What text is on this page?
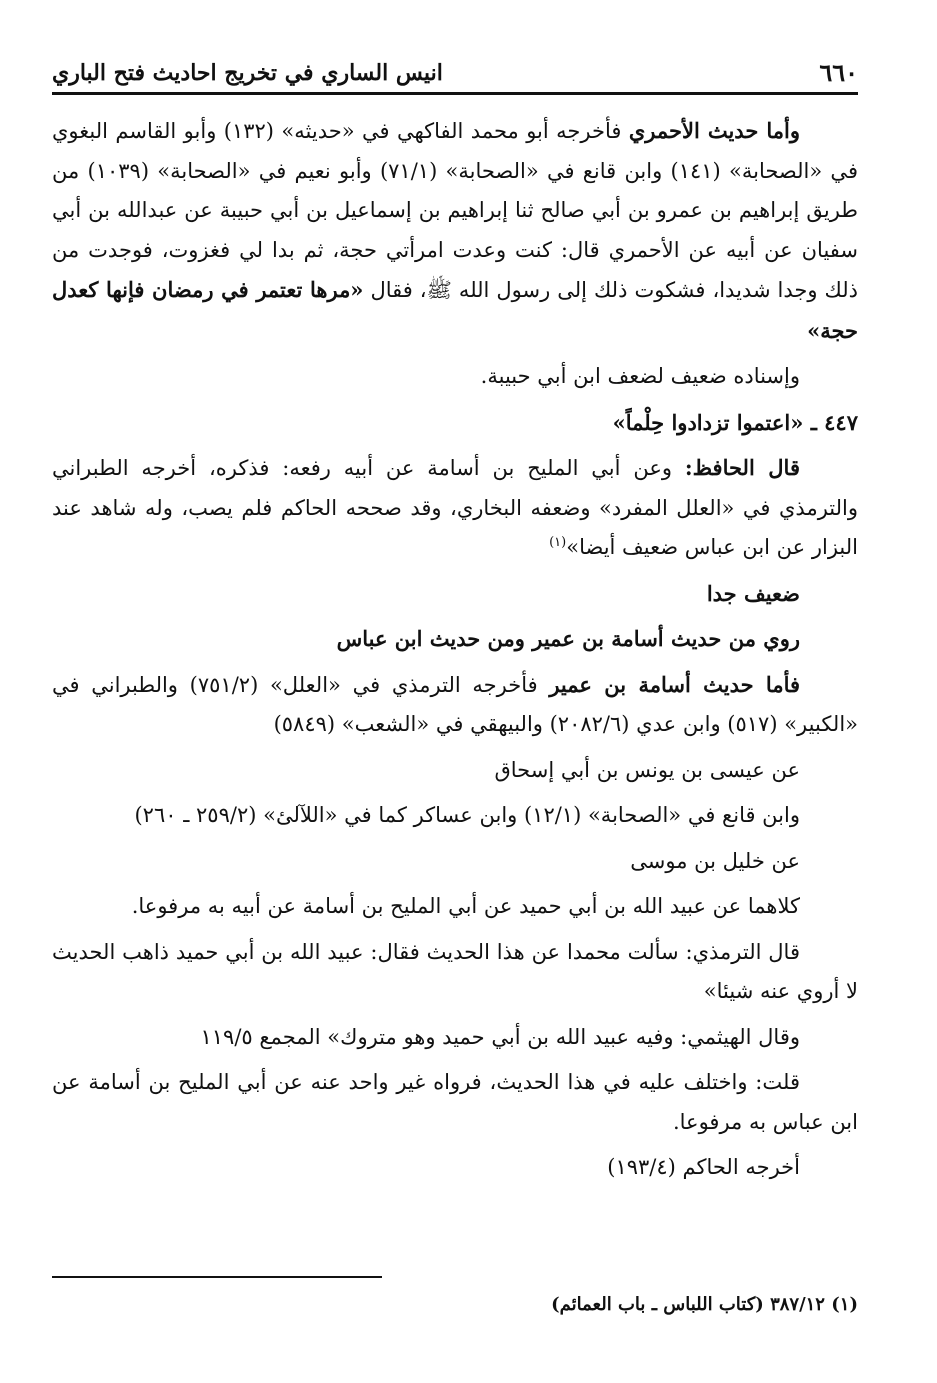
٦٦٠
انيس الساري في تخريج احاديث فتح الباري

وأما حديث الأحمري فأخرجه أبو محمد الفاكهي في «حديثه» (١٣٢) وأبو القاسم البغوي في «الصحابة» (١٤١) وابن قانع في «الصحابة» (٧١/١) وأبو نعيم في «الصحابة» (١٠٣٩) من طريق إبراهيم بن عمرو بن أبي صالح ثنا إبراهيم بن إسماعيل بن أبي حبيبة عن عبدالله بن أبي سفيان عن أبيه عن الأحمري قال: كنت وعدت امرأتي حجة، ثم بدا لي فغزوت، فوجدت من ذلك وجدا شديدا، فشكوت ذلك إلى رسول الله ﷺ، فقال «مرها تعتمر في رمضان فإنها كعدل حجة»

وإسناده ضعيف لضعف ابن أبي حبيبة.

٤٤٧ ـ «اعتموا تزدادوا حِلْماً»

قال الحافظ: وعن أبي المليح بن أسامة عن أبيه رفعه: فذكره، أخرجه الطبراني والترمذي في «العلل المفرد» وضعفه البخاري، وقد صححه الحاكم فلم يصب، وله شاهد عند البزار عن ابن عباس ضعيف أيضا»$^{(١)}$

ضعيف جدا

روي من حديث أسامة بن عمير ومن حديث ابن عباس

فأما حديث أسامة بن عمير فأخرجه الترمذي في «العلل» (٧٥١/٢) والطبراني في «الكبير» (٥١٧) وابن عدي (٢٠٨٢/٦) والبيهقي في «الشعب» (٥٨٤٩)

عن عيسى بن يونس بن أبي إسحاق

وابن قانع في «الصحابة» (١٢/١) وابن عساكر كما في «اللآلئ» (٢٥٩/٢ ـ ٢٦٠)

عن خليل بن موسى

كلاهما عن عبيد الله بن أبي حميد عن أبي المليح بن أسامة عن أبيه به مرفوعا.

قال الترمذي: سألت محمدا عن هذا الحديث فقال: عبيد الله بن أبي حميد ذاهب الحديث لا أروي عنه شيئا»

وقال الهيثمي: وفيه عبيد الله بن أبي حميد وهو متروك» المجمع ١١٩/٥

قلت: واختلف عليه في هذا الحديث، فرواه غير واحد عنه عن أبي المليح بن أسامة عن ابن عباس به مرفوعا.

أخرجه الحاكم (١٩٣/٤)

(١) ٣٨٧/١٢ (كتاب اللباس ـ باب العمائم)
